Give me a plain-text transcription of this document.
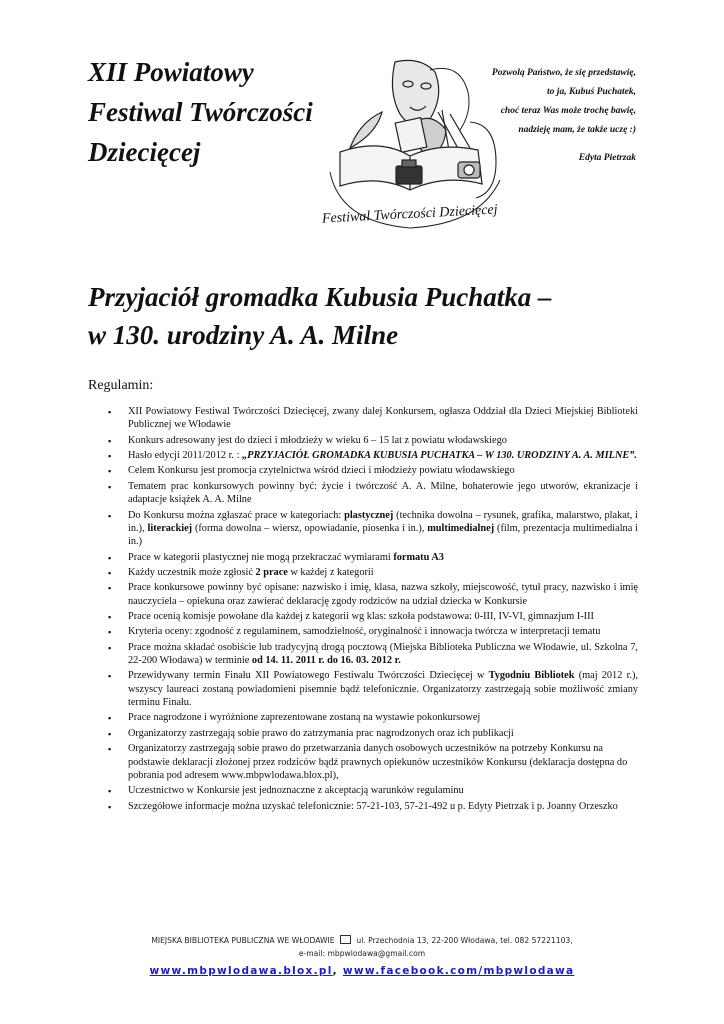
XII Powiatowy
Festiwal Twórczości
Dziecięcej
Festiwal Twórczości Dziecięcej
Pozwolą Państwo, że się przedstawię,
to ja, Kubuś Puchatek,
choć teraz Was może trochę bawię,
nadzieję mam, że także uczę :)
Edyta Pietrzak
Przyjaciół gromadka Kubusia Puchatka –
w 130. urodziny A. A. Milne

Regulamin:

▪ XII Powiatowy Festiwal Twórczości Dziecięcej, zwany dalej Konkursem, ogłasza Oddział dla Dzieci Miejskiej Biblioteki Publicznej we Włodawie
▪ Konkurs adresowany jest do dzieci i młodzieży w wieku 6 – 15 lat z powiatu włodawskiego
▪ Hasło edycji 2011/2012 r. : „PRZYJACIÓŁ GROMADKA KUBUSIA PUCHATKA – W 130. URODZINY A. A. MILNE”.
▪ Celem Konkursu jest promocja czytelnictwa wśród dzieci i młodzieży powiatu włodawskiego
▪ Tematem prac konkursowych powinny być: życie i twórczość A. A. Milne, bohaterowie jego utworów, ekranizacje i adaptacje książek A. A. Milne
▪ Do Konkursu można zgłaszać prace w kategoriach: plastycznej (technika dowolna – rysunek, grafika, malarstwo, plakat, i in.), literackiej (forma dowolna – wiersz, opowiadanie, piosenka i in.), multimedialnej (film, prezentacja multimedialna i in.)
▪ Prace w kategorii plastycznej nie mogą przekraczać wymiarami formatu A3
▪ Każdy uczestnik może zgłosić 2 prace w każdej z kategorii
▪ Prace konkursowe powinny być opisane: nazwisko i imię, klasa, nazwa szkoły, miejscowość, tytuł pracy, nazwisko i imię nauczyciela – opiekuna oraz zawierać deklarację zgody rodziców na udział dziecka w Konkursie
▪ Prace ocenią komisje powołane dla każdej z kategorii wg klas: szkoła podstawowa: 0-III, IV-VI, gimnazjum I-III
▪ Kryteria oceny: zgodność z regulaminem, samodzielność, oryginalność i innowacja twórcza w interpretacji tematu
▪ Prace można składać osobiście lub tradycyjną drogą pocztową (Miejska Biblioteka Publiczna we Włodawie, ul. Szkolna 7, 22-200 Włodawa) w terminie od 14. 11. 2011 r. do 16. 03. 2012 r.
▪ Przewidywany termin Finału XII Powiatowego Festiwalu Twórczości Dziecięcej w Tygodniu Bibliotek (maj 2012 r.), wszyscy laureaci zostaną powiadomieni pisemnie bądź telefonicznie. Organizatorzy zastrzegają sobie możliwość zmiany terminu Finału.
▪ Prace nagrodzone i wyróżnione zaprezentowane zostaną na wystawie pokonkursowej
▪ Organizatorzy zastrzegają sobie prawo do zatrzymania prac nagrodzonych oraz ich publikacji
▪ Organizatorzy zastrzegają sobie prawo do przetwarzania danych osobowych uczestników na potrzeby Konkursu na podstawie deklaracji złożonej przez rodziców bądź prawnych opiekunów uczestników Konkursu (deklaracja dostępna do pobrania pod adresem www.mbpwlodawa.blox.pl),
▪ Uczestnictwo w Konkursie jest jednoznaczne z akceptacją warunków regulaminu
▪ Szczegółowe informacje można uzyskać telefonicznie: 57-21-103, 57-21-492 u p. Edyty Pietrzak i p. Joanny Orzeszko
MIEJSKA BIBLIOTEKA PUBLICZNA WE WŁODAWIE	ul. Przechodnia 13, 22-200 Włodawa, tel. 082 57221103,
e-mail: mbpwlodawa@gmail.com
www.mbpwlodawa.blox.pl, www.facebook.com/mbpwlodawa
